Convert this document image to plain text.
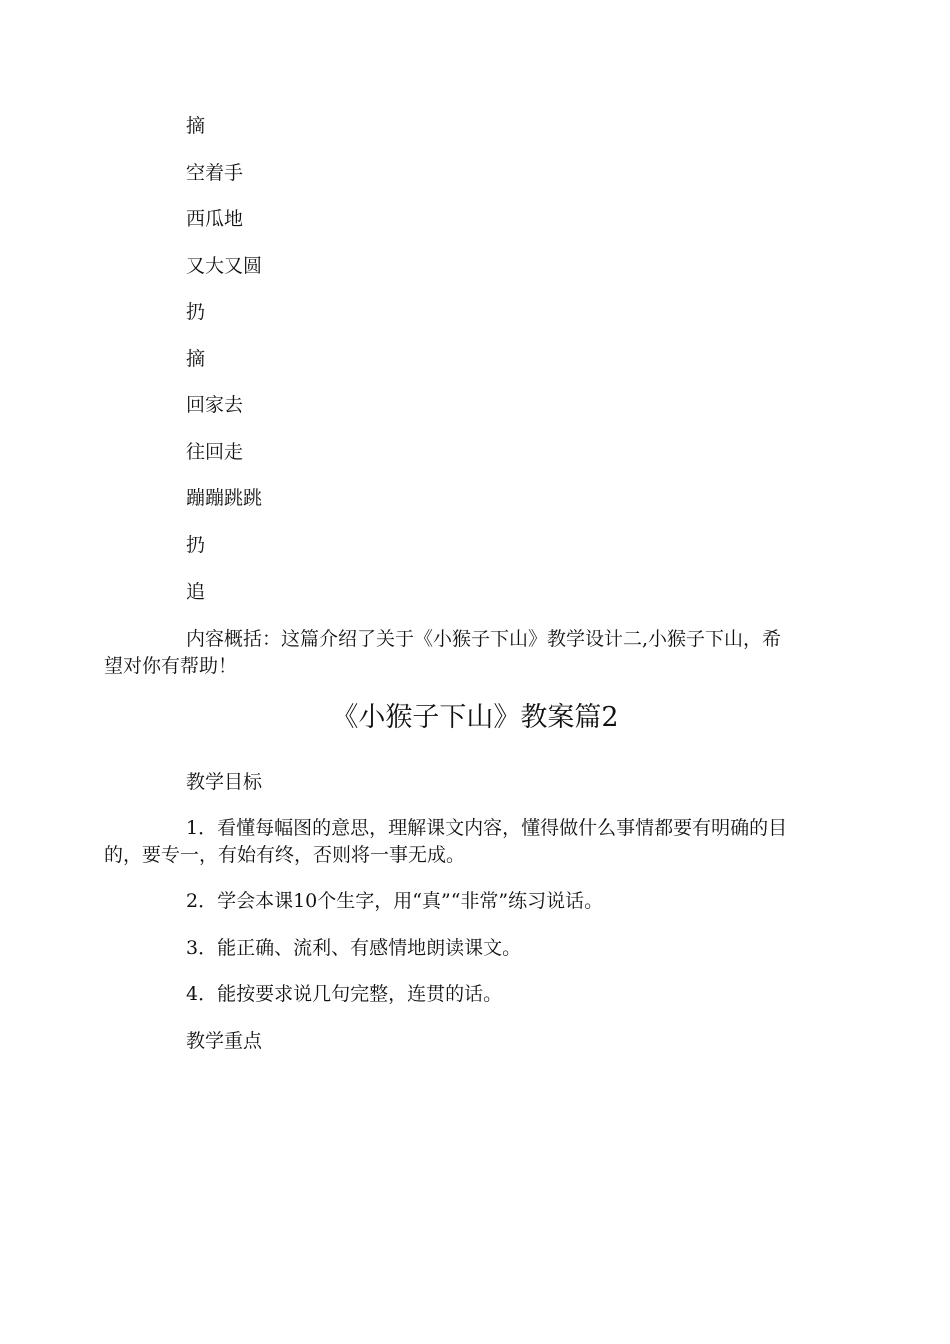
摘
空着手
西瓜地
又大又圆
扔
摘
回家去
往回走
蹦蹦跳跳
扔
追
内容概括：这篇介绍了关于《小猴子下山》教学设计二,小猴子下山，希
望对你有帮助！
《小猴子下山》教案篇2
教学目标
1．看懂每幅图的意思，理解课文内容，懂得做什么事情都要有明确的目
的，要专一，有始有终，否则将一事无成。
2．学会本课10个生字，用“真”“非常”练习说话。
3．能正确、流利、有感情地朗读课文。
4．能按要求说几句完整，连贯的话。
教学重点
